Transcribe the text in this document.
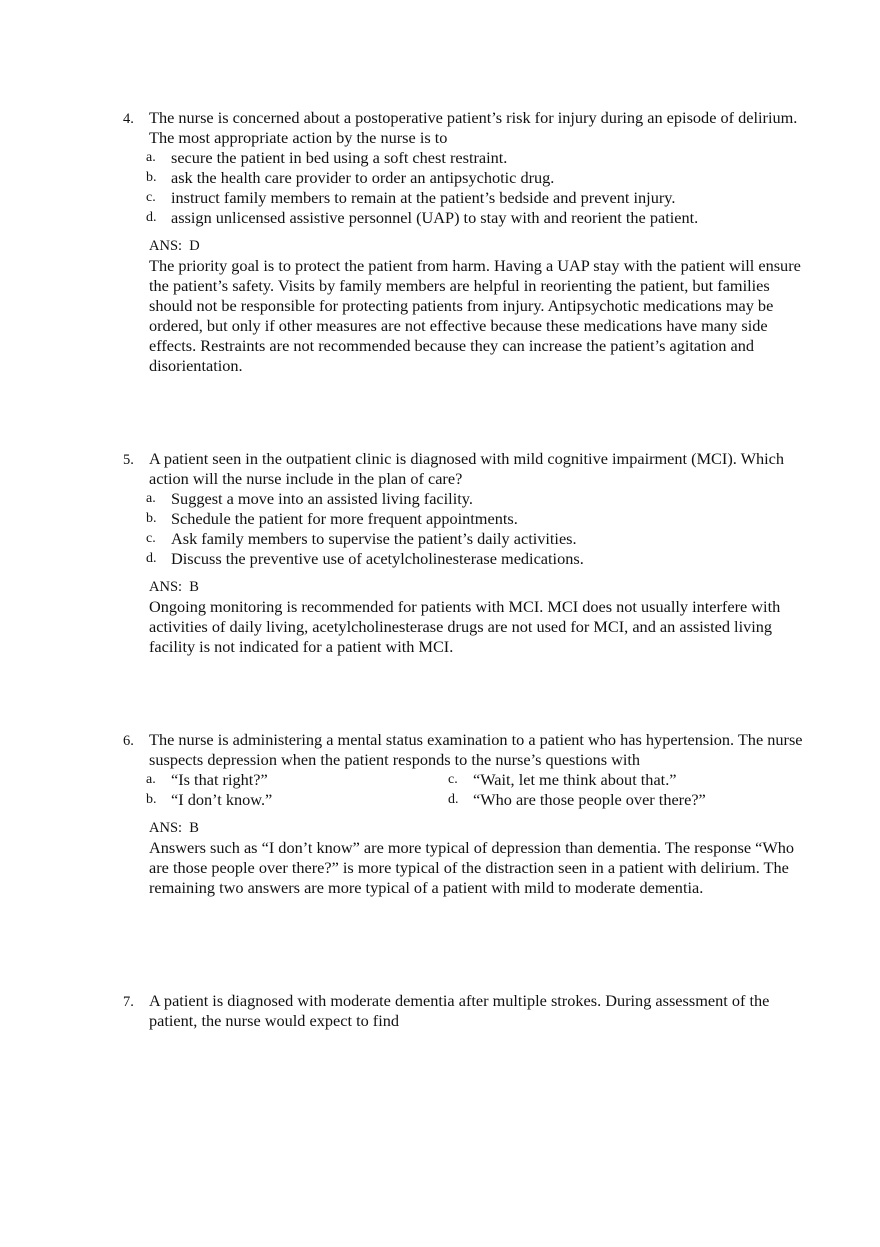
4. The nurse is concerned about a postoperative patient’s risk for injury during an episode of delirium. The most appropriate action by the nurse is to
a. secure the patient in bed using a soft chest restraint.
b. ask the health care provider to order an antipsychotic drug.
c. instruct family members to remain at the patient’s bedside and prevent injury.
d. assign unlicensed assistive personnel (UAP) to stay with and reorient the patient.
ANS: D
The priority goal is to protect the patient from harm. Having a UAP stay with the patient will ensure the patient’s safety. Visits by family members are helpful in reorienting the patient, but families should not be responsible for protecting patients from injury. Antipsychotic medications may be ordered, but only if other measures are not effective because these medications have many side effects. Restraints are not recommended because they can increase the patient’s agitation and disorientation.
5. A patient seen in the outpatient clinic is diagnosed with mild cognitive impairment (MCI). Which action will the nurse include in the plan of care?
a. Suggest a move into an assisted living facility.
b. Schedule the patient for more frequent appointments.
c. Ask family members to supervise the patient’s daily activities.
d. Discuss the preventive use of acetylcholinesterase medications.
ANS: B
Ongoing monitoring is recommended for patients with MCI. MCI does not usually interfere with activities of daily living, acetylcholinesterase drugs are not used for MCI, and an assisted living facility is not indicated for a patient with MCI.
6. The nurse is administering a mental status examination to a patient who has hypertension. The nurse suspects depression when the patient responds to the nurse’s questions with
a. “Is that right?”	c. “Wait, let me think about that.”
b. “I don’t know.”	d. “Who are those people over there?”
ANS: B
Answers such as “I don’t know” are more typical of depression than dementia. The response “Who are those people over there?” is more typical of the distraction seen in a patient with delirium. The remaining two answers are more typical of a patient with mild to moderate dementia.
7. A patient is diagnosed with moderate dementia after multiple strokes. During assessment of the patient, the nurse would expect to find
